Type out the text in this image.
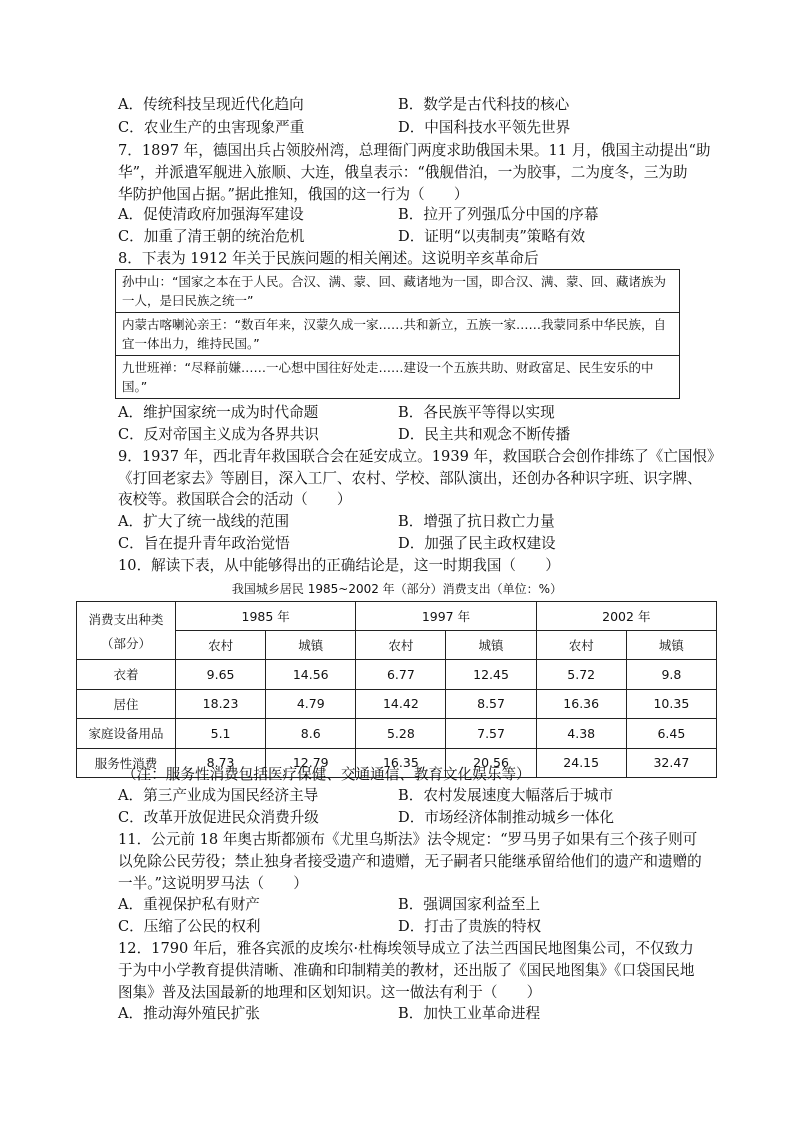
A．传统科技呈现近代化趋向	B．数学是古代科技的核心
C．农业生产的虫害现象严重	D．中国科技水平领先世界
7．1897 年，德国出兵占领胶州湾，总理衙门两度求助俄国未果。11 月，俄国主动提出“助
华”，并派遣军舰进入旅顺、大连，俄皇表示：“俄舰借泊，一为胶事，二为度冬，三为助
华防护他国占据。”据此推知，俄国的这一行为（　　）
A．促使清政府加强海军建设	B．拉开了列强瓜分中国的序幕
C．加重了清王朝的统治危机	D．证明“以夷制夷”策略有效
8．下表为 1912 年关于民族问题的相关阐述。这说明辛亥革命后
孙中山：“国家之本在于人民。合汉、满、蒙、回、藏诸地为一国，即合汉、满、蒙、回、藏诸族为一人，是曰民族之统一”
内蒙古喀喇沁亲王：“数百年来，汉蒙久成一家……共和新立，五族一家……我蒙同系中华民族，自宜一体出力，维持民国。”
九世班禅：“尽释前嫌……一心想中国往好处走……建设一个五族共助、财政富足、民生安乐的中国。”
A．维护国家统一成为时代命题	B．各民族平等得以实现
C．反对帝国主义成为各界共识	D．民主共和观念不断传播
9．1937 年，西北青年救国联合会在延安成立。1939 年，救国联合会创作排练了《亡国恨》
《打回老家去》等剧目，深入工厂、农村、学校、部队演出，还创办各种识字班、识字牌、
夜校等。救国联合会的活动（　　）
A．扩大了统一战线的范围	B．增强了抗日救亡力量
C．旨在提升青年政治觉悟	D．加强了民主政权建设
10．解读下表，从中能够得出的正确结论是，这一时期我国（　　）
我国城乡居民 1985~2002 年（部分）消费支出（单位：%）
消费支出种类
（部分）	1985 年		1997 年		2002 年	
	农村	城镇	农村	城镇	农村	城镇
衣着	9.65	14.56	6.77	12.45	5.72	9.8
居住	18.23	4.79	14.42	8.57	16.36	10.35
家庭设备用品	5.1	8.6	5.28	7.57	4.38	6.45
服务性消费	8.73	12.79	16.35	20.56	24.15	32.47
（注：服务性消费包括医疗保健、交通通信、教育文化娱乐等）
A．第三产业成为国民经济主导	B．农村发展速度大幅落后于城市
C．改革开放促进民众消费升级	D．市场经济体制推动城乡一体化
11．公元前 18 年奥古斯都颁布《尤里乌斯法》法令规定：“罗马男子如果有三个孩子则可
以免除公民劳役；禁止独身者接受遗产和遗赠，无子嗣者只能继承留给他们的遗产和遗赠的
一半。”这说明罗马法（　　）
A．重视保护私有财产	B．强调国家利益至上
C．压缩了公民的权利	D．打击了贵族的特权
12．1790 年后，雅各宾派的皮埃尔·杜梅埃领导成立了法兰西国民地图集公司，不仅致力
于为中小学教育提供清晰、准确和印制精美的教材，还出版了《国民地图集》《口袋国民地
图集》普及法国最新的地理和区划知识。这一做法有利于（　　）
A．推动海外殖民扩张	B．加快工业革命进程
